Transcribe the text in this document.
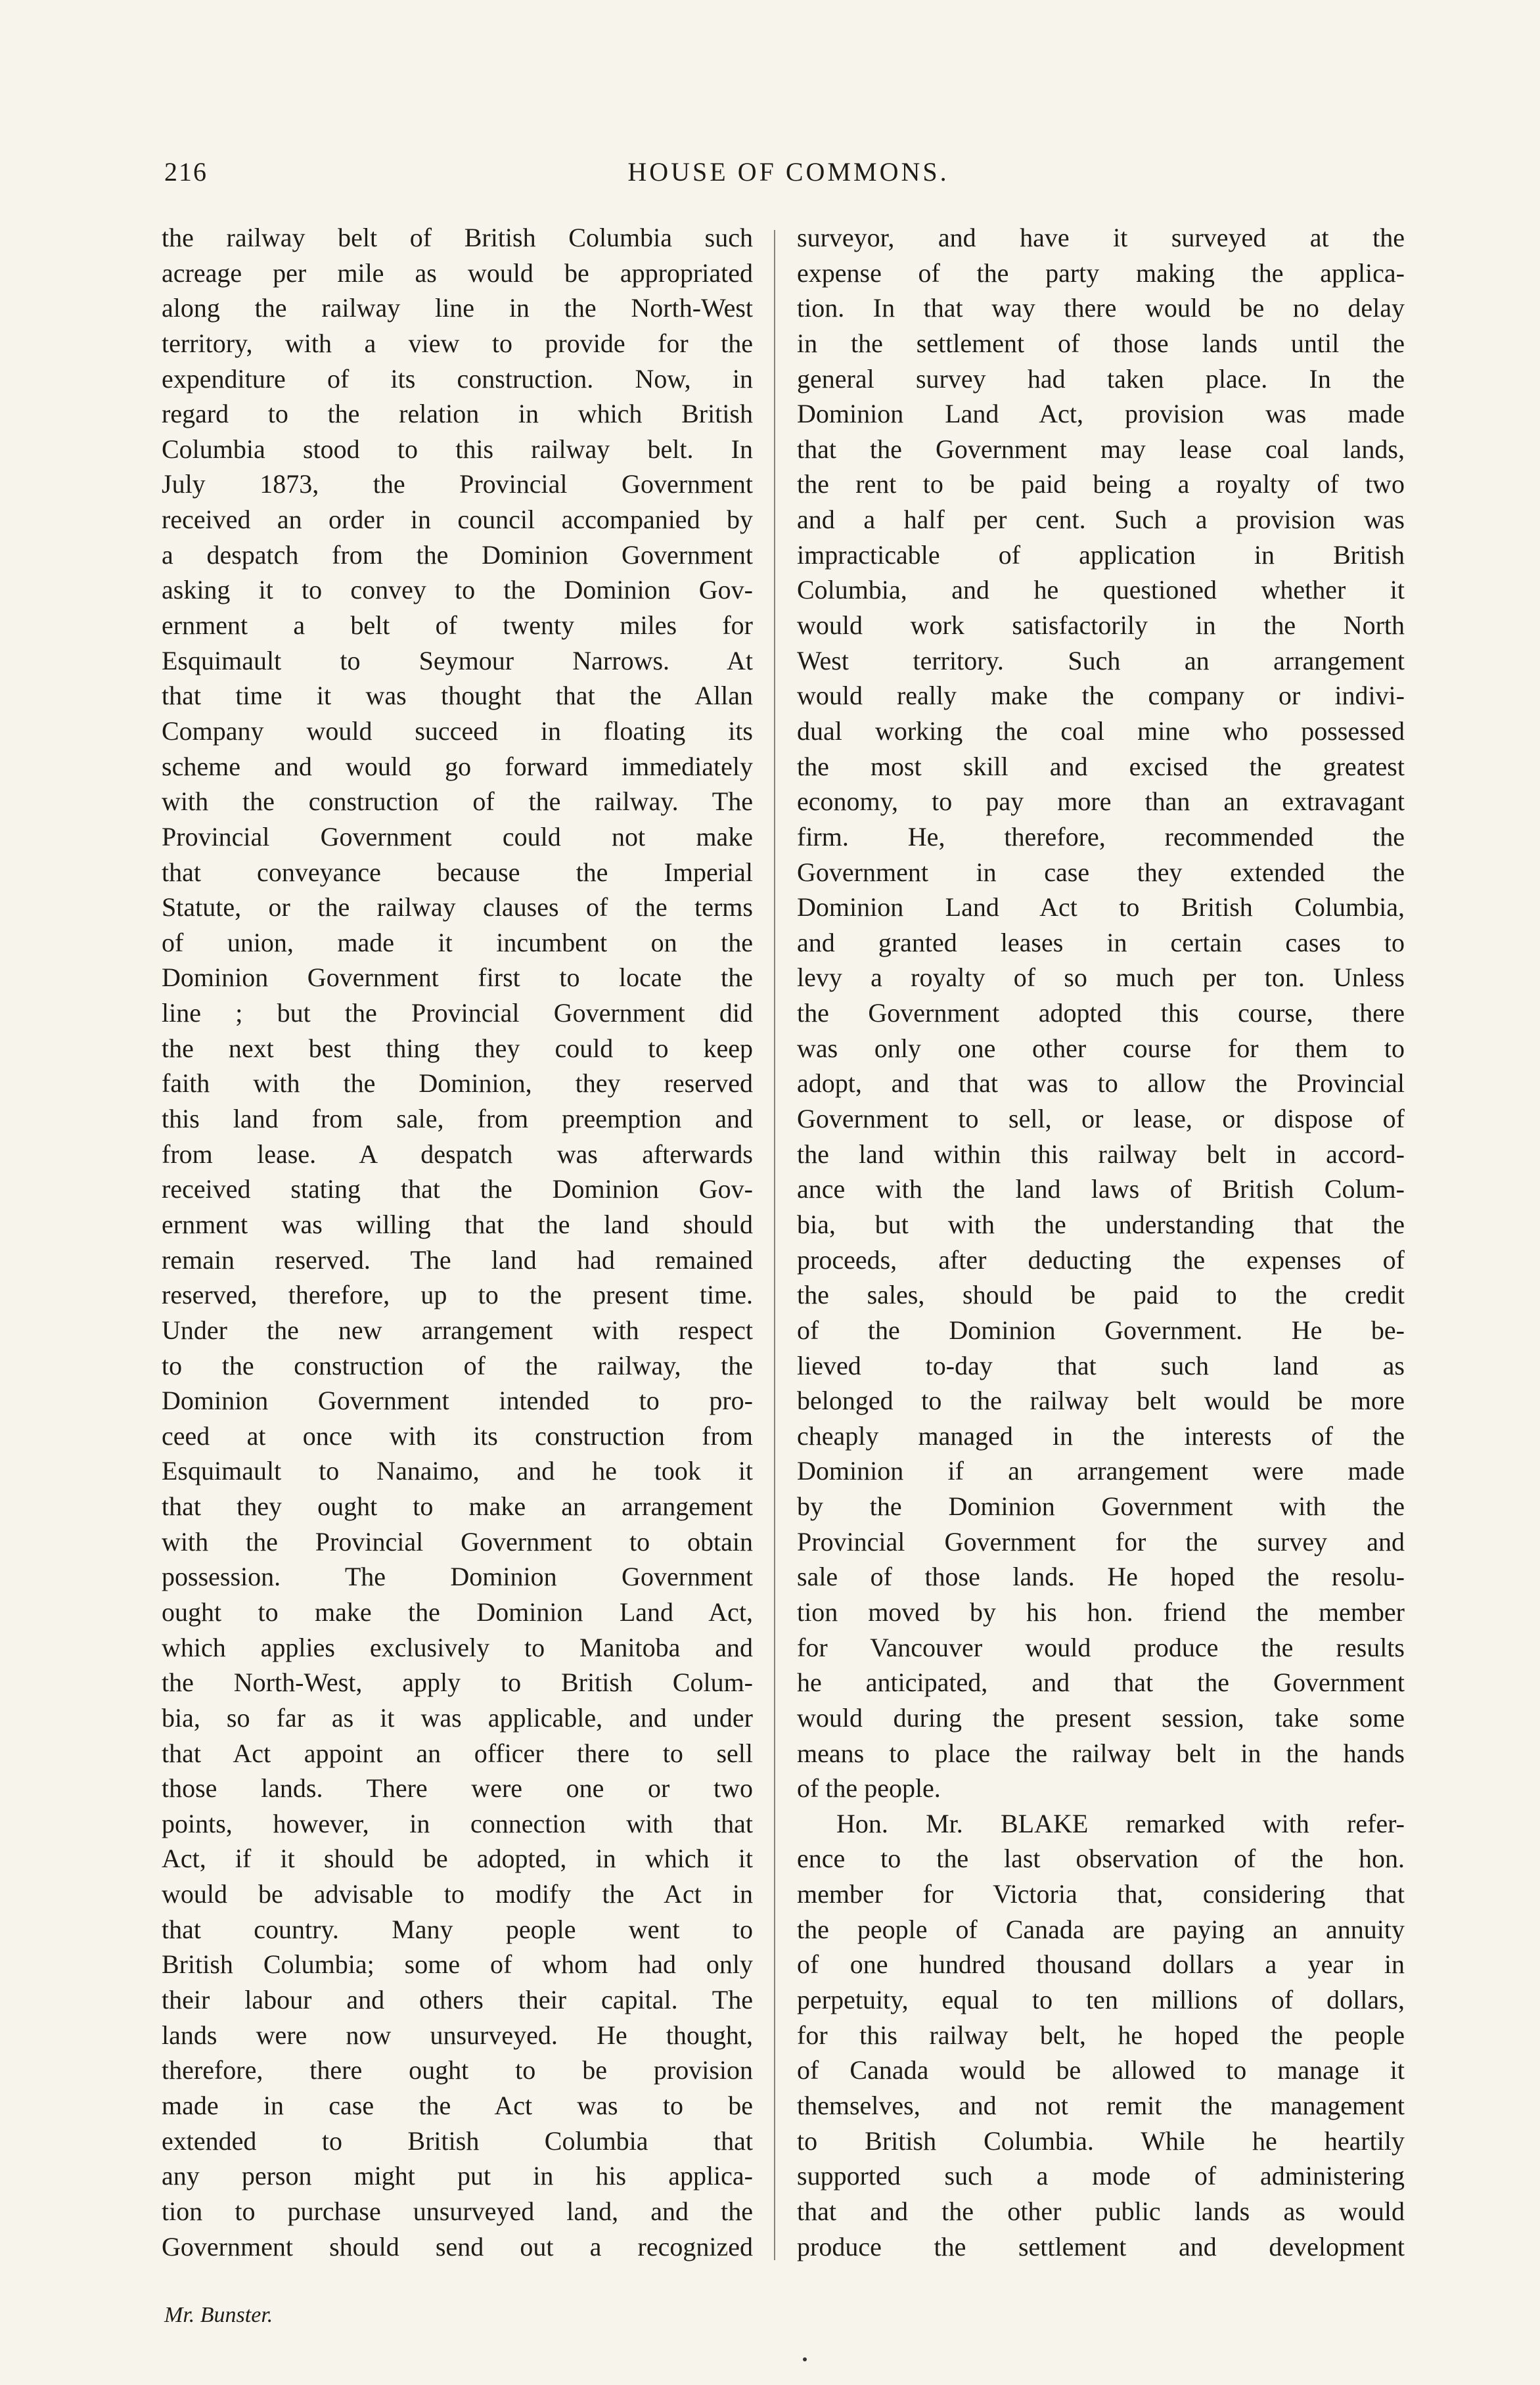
216	HOUSE OF COMMONS.
the railway belt of British Columbia such
acreage per mile as would be appropriated
along the railway line in the North-West
territory, with a view to provide for the
expenditure of its construction. Now, in
regard to the relation in which British
Columbia stood to this railway belt. In
July 1873, the Provincial Government
received an order in council accompanied by
a despatch from the Dominion Government
asking it to convey to the Dominion Gov-
ernment a belt of twenty miles for
Esquimault to Seymour Narrows. At
that time it was thought that the Allan
Company would succeed in floating its
scheme and would go forward immediately
with the construction of the railway. The
Provincial Government could not make
that conveyance because the Imperial
Statute, or the railway clauses of the terms
of union, made it incumbent on the
Dominion Government first to locate the
line ; but the Provincial Government did
the next best thing they could to keep
faith with the Dominion, they reserved
this land from sale, from preemption and
from lease. A despatch was afterwards
received stating that the Dominion Gov-
ernment was willing that the land should
remain reserved. The land had remained
reserved, therefore, up to the present time.
Under the new arrangement with respect
to the construction of the railway, the
Dominion Government intended to pro-
ceed at once with its construction from
Esquimault to Nanaimo, and he took it
that they ought to make an arrangement
with the Provincial Government to obtain
possession. The Dominion Government
ought to make the Dominion Land Act,
which applies exclusively to Manitoba and
the North-West, apply to British Colum-
bia, so far as it was applicable, and under
that Act appoint an officer there to sell
those lands. There were one or two
points, however, in connection with that
Act, if it should be adopted, in which it
would be advisable to modify the Act in
that country. Many people went to
British Columbia; some of whom had only
their labour and others their capital. The
lands were now unsurveyed. He thought,
therefore, there ought to be provision
made in case the Act was to be
extended to British Columbia that
any person might put in his applica-
tion to purchase unsurveyed land, and the
Government should send out a recognized
surveyor, and have it surveyed at the
expense of the party making the applica-
tion. In that way there would be no delay
in the settlement of those lands until the
general survey had taken place. In the
Dominion Land Act, provision was made
that the Government may lease coal lands,
the rent to be paid being a royalty of two
and a half per cent. Such a provision was
impracticable of application in British
Columbia, and he questioned whether it
would work satisfactorily in the North
West territory. Such an arrangement
would really make the company or indivi-
dual working the coal mine who possessed
the most skill and excised the greatest
economy, to pay more than an extravagant
firm. He, therefore, recommended the
Government in case they extended the
Dominion Land Act to British Columbia,
and granted leases in certain cases to
levy a royalty of so much per ton. Unless
the Government adopted this course, there
was only one other course for them to
adopt, and that was to allow the Provincial
Government to sell, or lease, or dispose of
the land within this railway belt in accord-
ance with the land laws of British Colum-
bia, but with the understanding that the
proceeds, after deducting the expenses of
the sales, should be paid to the credit
of the Dominion Government. He be-
lieved to-day that such land as
belonged to the railway belt would be more
cheaply managed in the interests of the
Dominion if an arrangement were made
by the Dominion Government with the
Provincial Government for the survey and
sale of those lands. He hoped the resolu-
tion moved by his hon. friend the member
for Vancouver would produce the results
he anticipated, and that the Government
would during the present session, take some
means to place the railway belt in the hands
of the people.
Hon. Mr. BLAKE remarked with refer-
ence to the last observation of the hon.
member for Victoria that, considering that
the people of Canada are paying an annuity
of one hundred thousand dollars a year in
perpetuity, equal to ten millions of dollars,
for this railway belt, he hoped the people
of Canada would be allowed to manage it
themselves, and not remit the management
to British Columbia. While he heartily
supported such a mode of administering
that and the other public lands as would
produce the settlement and development
Mr. Bunster.
